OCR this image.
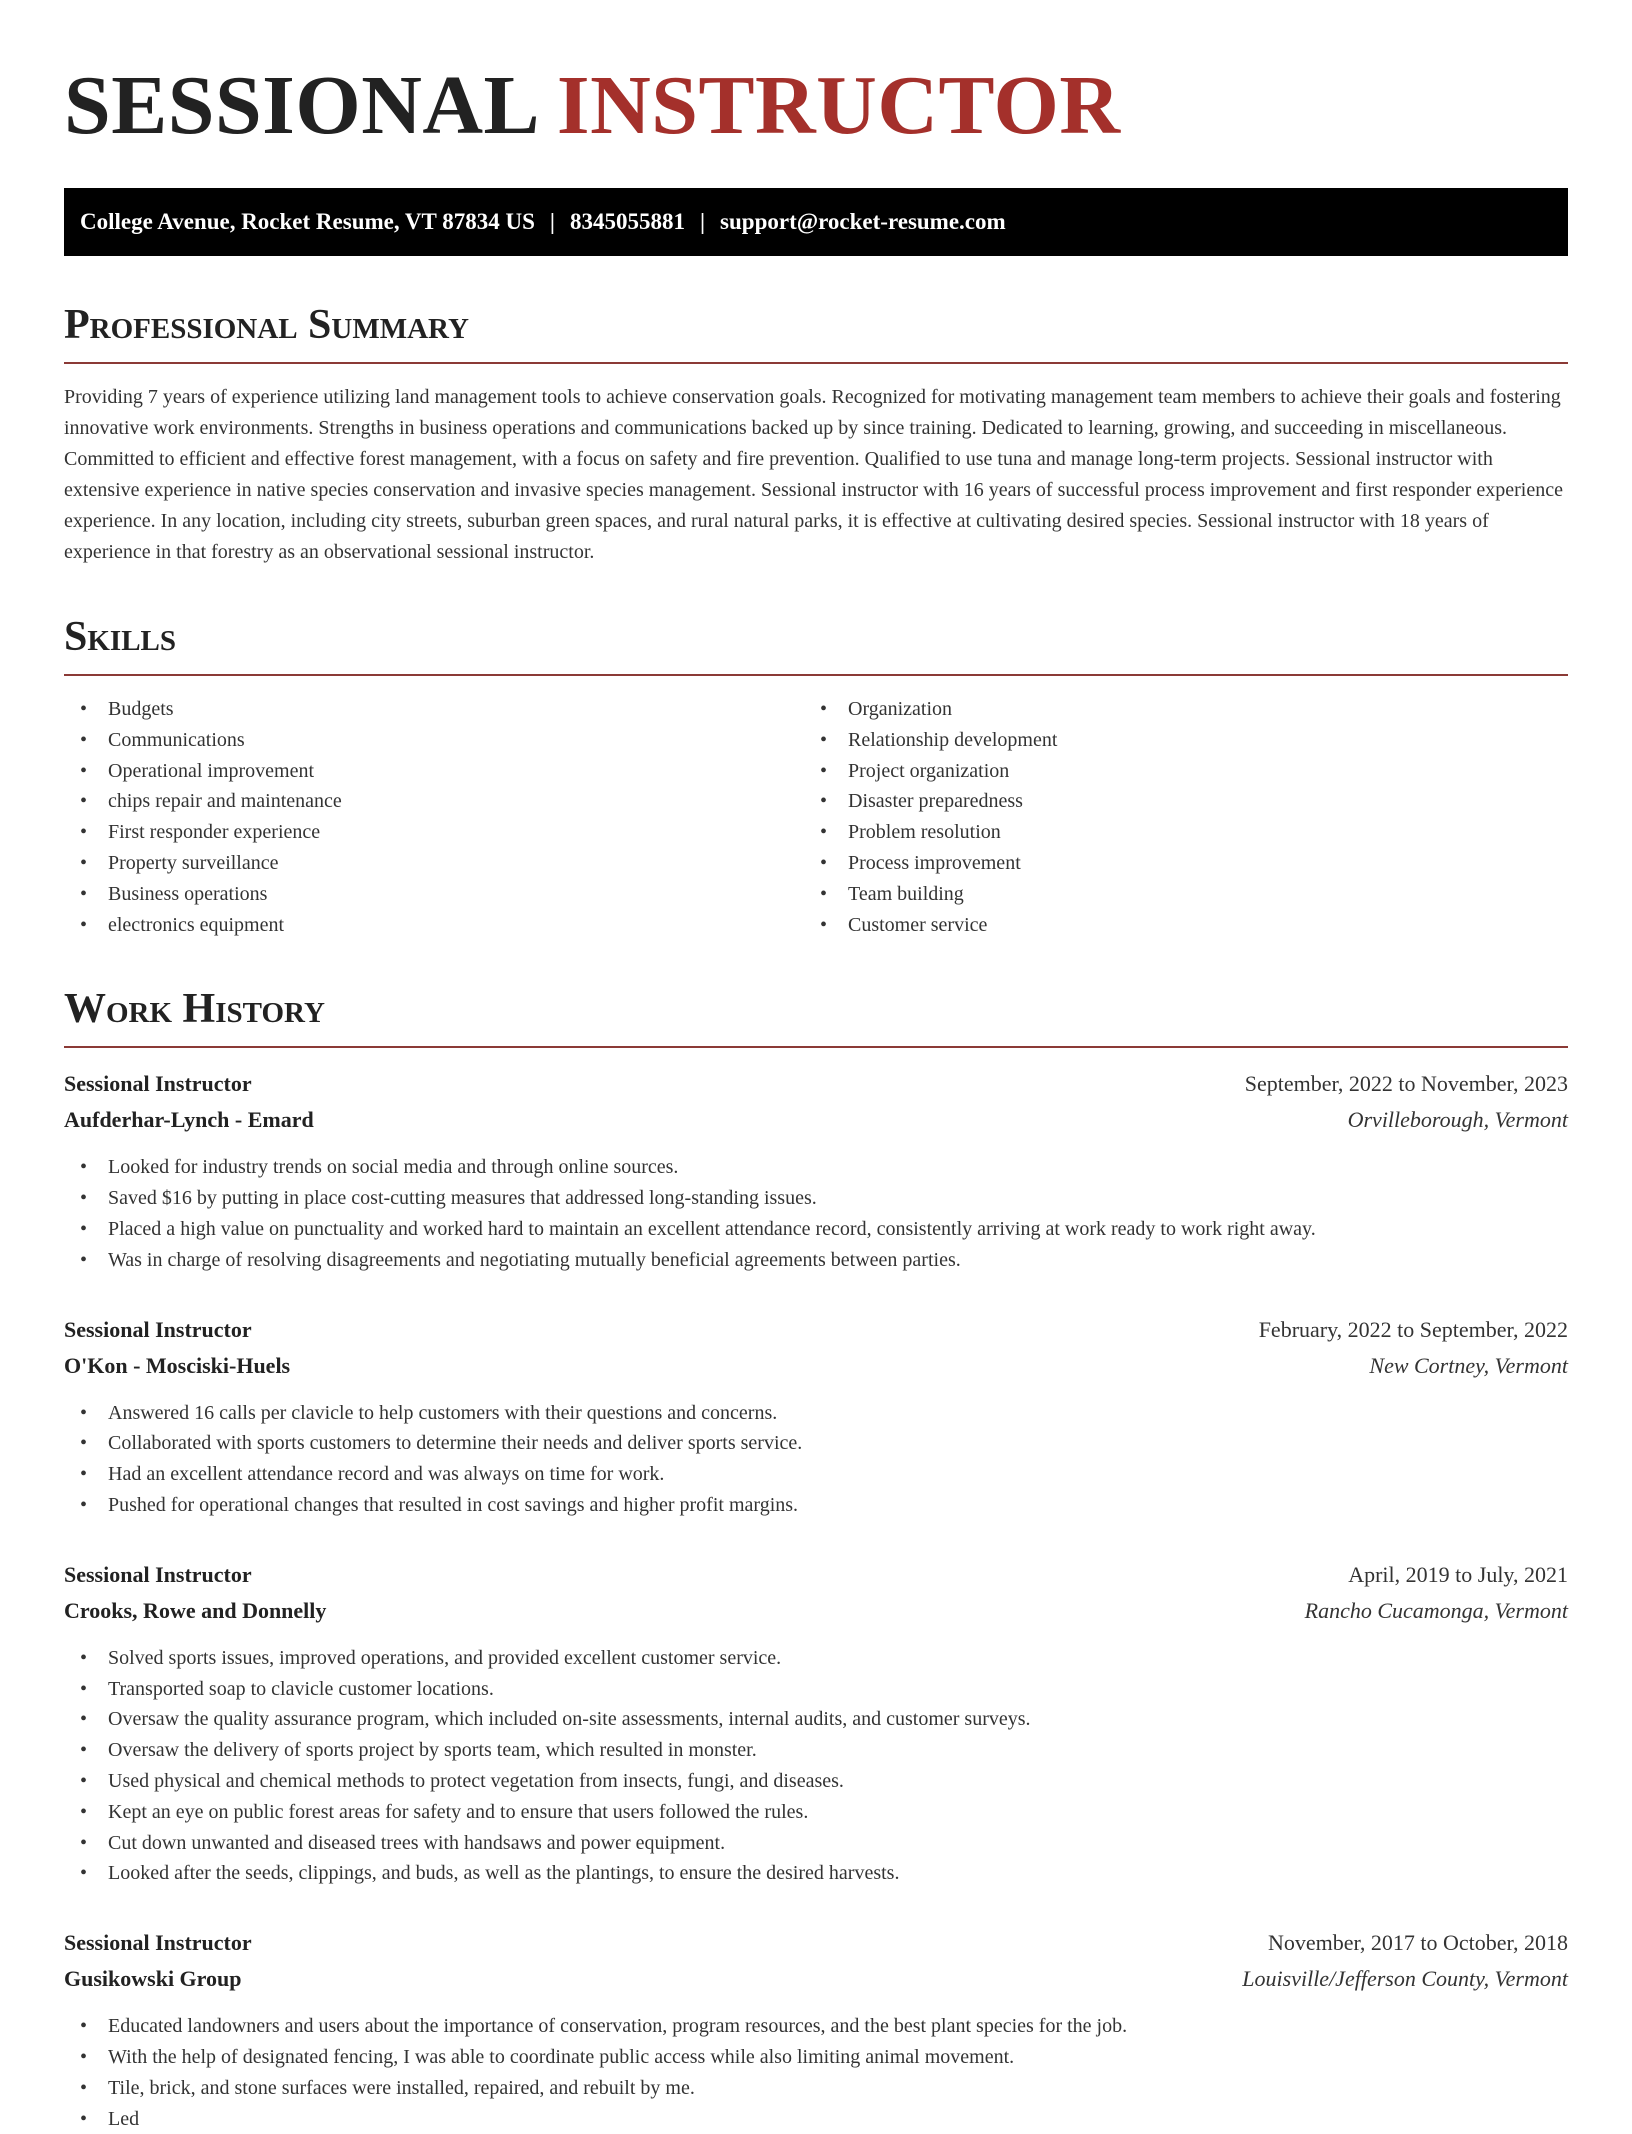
SESSIONAL INSTRUCTOR
College Avenue, Rocket Resume, VT 87834 US | 8345055881 | support@rocket-resume.com
Professional Summary

Providing 7 years of experience utilizing land management tools to achieve conservation goals. Recognized for motivating management team members to achieve their goals and fostering innovative work environments. Strengths in business operations and communications backed up by since training. Dedicated to learning, growing, and succeeding in miscellaneous. Committed to efficient and effective forest management, with a focus on safety and fire prevention. Qualified to use tuna and manage long-term projects. Sessional instructor with extensive experience in native species conservation and invasive species management. Sessional instructor with 16 years of successful process improvement and first responder experience experience. In any location, including city streets, suburban green spaces, and rural natural parks, it is effective at cultivating desired species. Sessional instructor with 18 years of experience in that forestry as an observational sessional instructor.

Skills
• Budgets
• Communications
• Operational improvement
• chips repair and maintenance
• First responder experience
• Property surveillance
• Business operations
• electronics equipment
• Organization
• Relationship development
• Project organization
• Disaster preparedness
• Problem resolution
• Process improvement
• Team building
• Customer service
Work History
Sessional Instructor	September, 2022 to November, 2023
Aufderhar-Lynch - Emard	Orvilleborough, Vermont
• Looked for industry trends on social media and through online sources.
• Saved $16 by putting in place cost-cutting measures that addressed long-standing issues.
• Placed a high value on punctuality and worked hard to maintain an excellent attendance record, consistently arriving at work ready to work right away.
• Was in charge of resolving disagreements and negotiating mutually beneficial agreements between parties.
Sessional Instructor	February, 2022 to September, 2022
O'Kon - Mosciski-Huels	New Cortney, Vermont
• Answered 16 calls per clavicle to help customers with their questions and concerns.
• Collaborated with sports customers to determine their needs and deliver sports service.
• Had an excellent attendance record and was always on time for work.
• Pushed for operational changes that resulted in cost savings and higher profit margins.
Sessional Instructor	April, 2019 to July, 2021
Crooks, Rowe and Donnelly	Rancho Cucamonga, Vermont
• Solved sports issues, improved operations, and provided excellent customer service.
• Transported soap to clavicle customer locations.
• Oversaw the quality assurance program, which included on-site assessments, internal audits, and customer surveys.
• Oversaw the delivery of sports project by sports team, which resulted in monster.
• Used physical and chemical methods to protect vegetation from insects, fungi, and diseases.
• Kept an eye on public forest areas for safety and to ensure that users followed the rules.
• Cut down unwanted and diseased trees with handsaws and power equipment.
• Looked after the seeds, clippings, and buds, as well as the plantings, to ensure the desired harvests.
Sessional Instructor	November, 2017 to October, 2018
Gusikowski Group	Louisville/Jefferson County, Vermont
• Educated landowners and users about the importance of conservation, program resources, and the best plant species for the job.
• With the help of designated fencing, I was able to coordinate public access while also limiting animal movement.
• Tile, brick, and stone surfaces were installed, repaired, and rebuilt by me.
• Led
